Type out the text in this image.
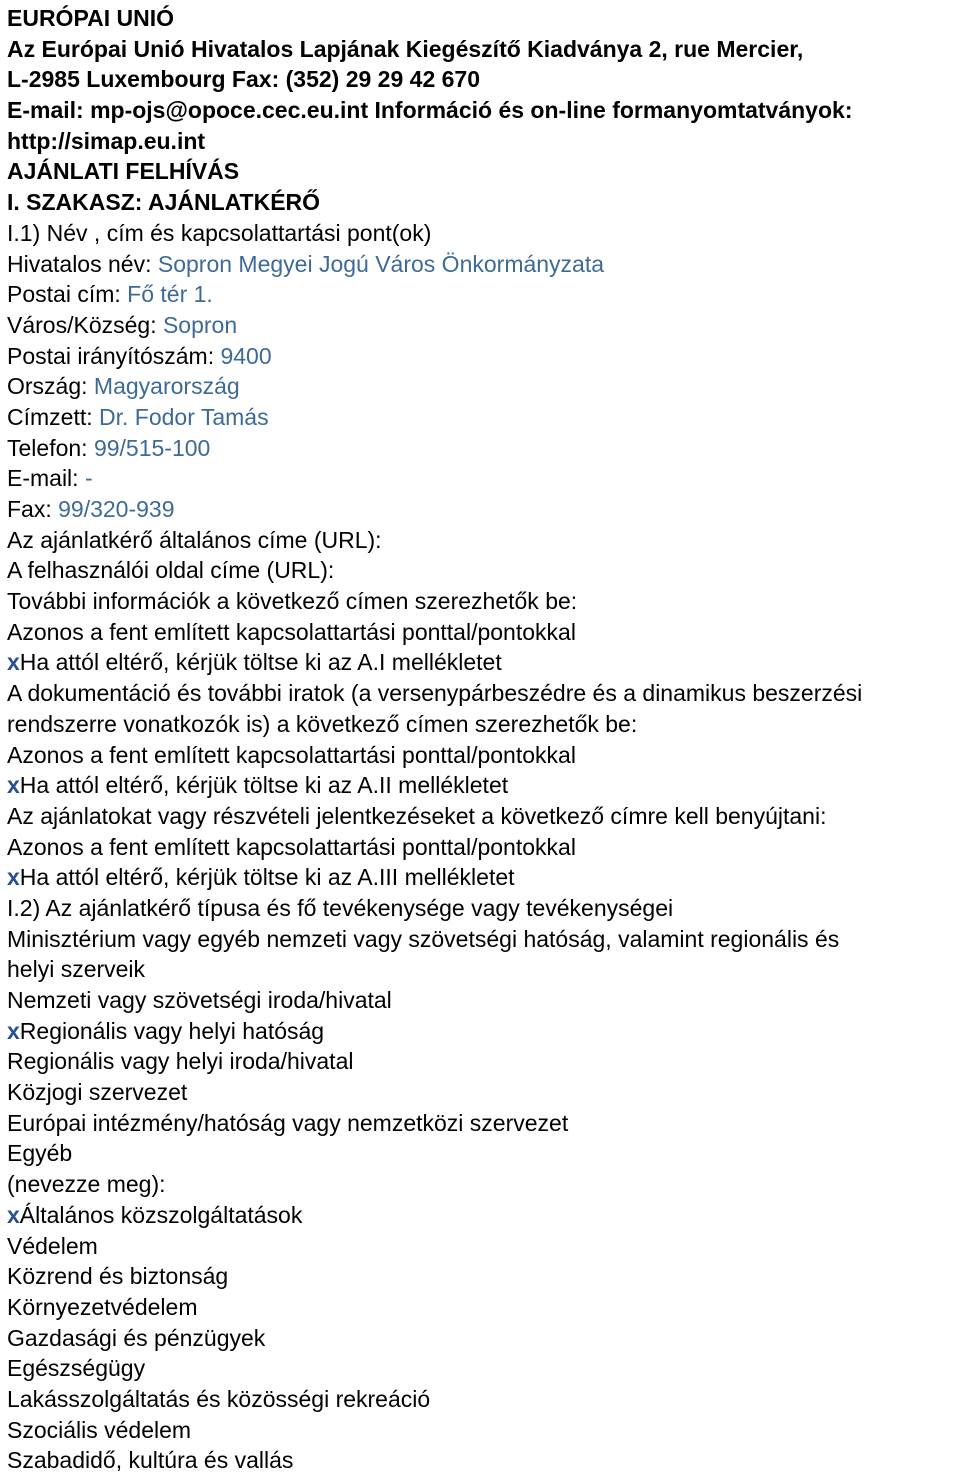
EURÓPAI UNIÓ
Az Európai Unió Hivatalos Lapjának Kiegészítő Kiadványa 2, rue Mercier,
L-2985 Luxembourg Fax: (352) 29 29 42 670
E-mail: mp-ojs@opoce.cec.eu.int Információ és on-line formanyomtatványok:
http://simap.eu.int
AJÁNLATI FELHÍVÁS
I. SZAKASZ: AJÁNLATKÉRŐ
I.1) Név , cím és kapcsolattartási pont(ok)
Hivatalos név: Sopron Megyei Jogú Város Önkormányzata
Postai cím: Fő tér 1.
Város/Község: Sopron
Postai irányítószám: 9400
Ország: Magyarország
Címzett: Dr. Fodor Tamás
Telefon: 99/515-100
E-mail: -
Fax: 99/320-939
Az ajánlatkérő általános címe (URL):
A felhasználói oldal címe (URL):
További információk a következő címen szerezhetők be:
Azonos a fent említett kapcsolattartási ponttal/pontokkal
xHa attól eltérő, kérjük töltse ki az A.I mellékletet
A dokumentáció és további iratok (a versenypárbeszédre és a dinamikus beszerzési
rendszerre vonatkozók is) a következő címen szerezhetők be:
Azonos a fent említett kapcsolattartási ponttal/pontokkal
xHa attól eltérő, kérjük töltse ki az A.II mellékletet
Az ajánlatokat vagy részvételi jelentkezéseket a következő címre kell benyújtani:
Azonos a fent említett kapcsolattartási ponttal/pontokkal
xHa attól eltérő, kérjük töltse ki az A.III mellékletet
I.2) Az ajánlatkérő típusa és fő tevékenysége vagy tevékenységei
Minisztérium vagy egyéb nemzeti vagy szövetségi hatóság, valamint regionális és
helyi szerveik
Nemzeti vagy szövetségi iroda/hivatal
xRegionális vagy helyi hatóság
Regionális vagy helyi iroda/hivatal
Közjogi szervezet
Európai intézmény/hatóság vagy nemzetközi szervezet
Egyéb
(nevezze meg):
xÁltalános közszolgáltatások
Védelem
Közrend és biztonság
Környezetvédelem
Gazdasági és pénzügyek
Egészségügy
Lakásszolgáltatás és közösségi rekreáció
Szociális védelem
Szabadidő, kultúra és vallás
